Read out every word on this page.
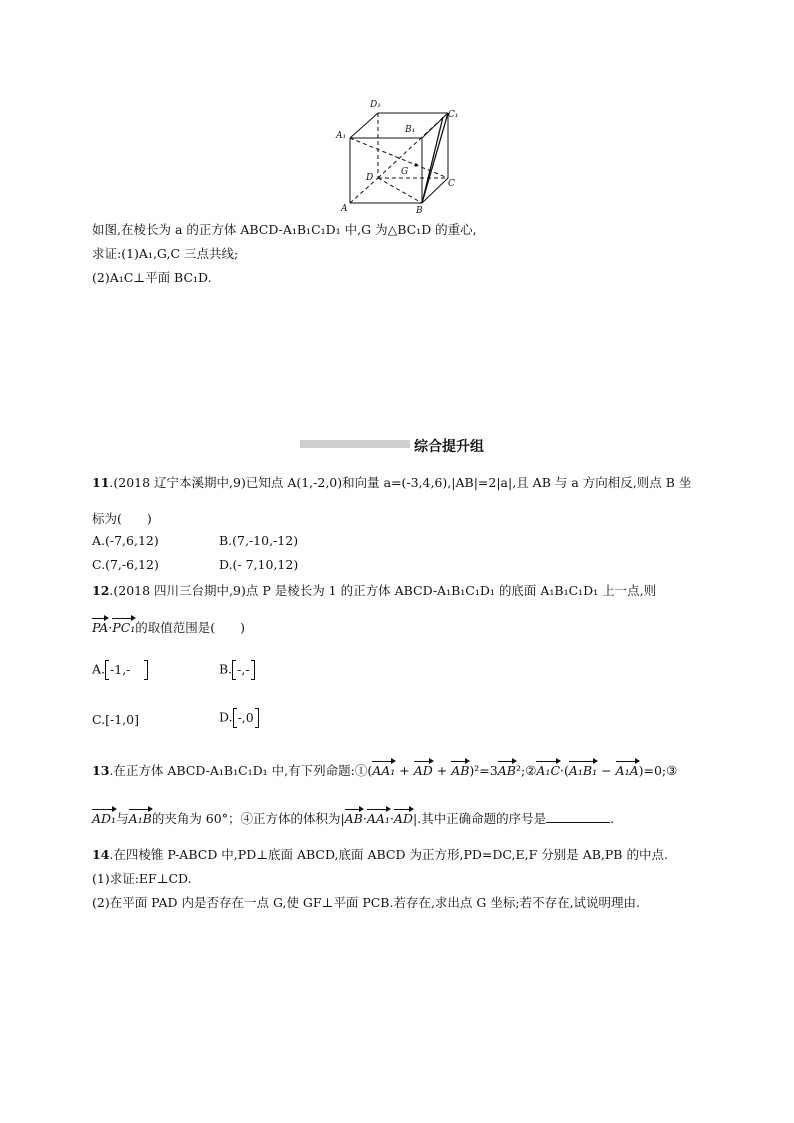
D₁
C₁
A₁
B₁
D
G
C
A	B
如图,在棱长为 a 的正方体 ABCD-A₁B₁C₁D₁ 中,G 为△BC₁D 的重心,
求证:(1)A₁,G,C 三点共线;
(2)A₁C⊥平面 BC₁D.
综合提升组
11.(2018 辽宁本溪期中,9)已知点 A(1,-2,0)和向量 a=(-3,4,6),|AB|=2|a|,且 AB 与 a 方向相反,则点 B 坐
标为(　　)
A.(-7,6,12)	B.(7,-10,-12)
C.(7,-6,12)	D.(- 7,10,12)
12.(2018 四川三台期中,9)点 P 是棱长为 1 的正方体 ABCD-A₁B₁C₁D₁ 的底面 A₁B₁C₁D₁ 上一点,则
PA·PC₁的取值范围是(　　)
A. -1,-　	B. -,-
C.[-1,0]	D. -,0
13.在正方体 ABCD-A₁B₁C₁D₁ 中,有下列命题:①(AA₁ + AD + AB)²=3AB²;②A₁C·(A₁B₁ − A₁A)=0;③
AD₁与A₁B的夹角为 60°；④正方体的体积为|AB·AA₁·AD|.其中正确命题的序号是	.
14.在四棱锥 P-ABCD 中,PD⊥底面 ABCD,底面 ABCD 为正方形,PD=DC,E,F 分别是 AB,PB 的中点.
(1)求证:EF⊥CD.
(2)在平面 PAD 内是否存在一点 G,使 GF⊥平面 PCB.若存在,求出点 G 坐标;若不存在,试说明理由.
